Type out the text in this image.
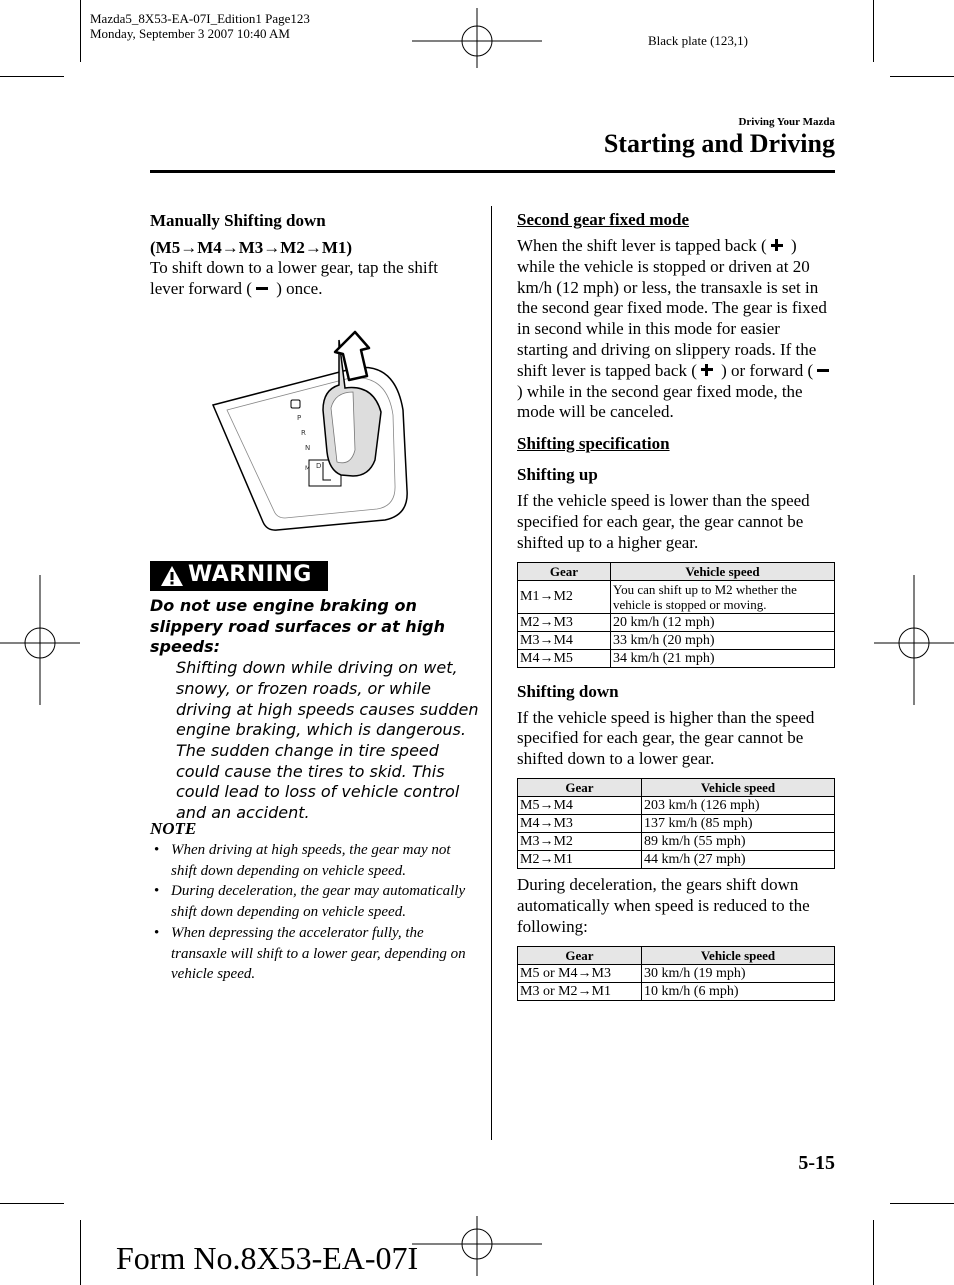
Mazda5_8X53-EA-07I_Edition1 Page123
Monday, September 3 2007 10:40 AM	Black plate (123,1)
Driving Your Mazda
Starting and Driving
Manually Shifting down
(M5→M4→M3→M2→M1)
To shift down to a lower gear, tap the shift lever forward ( ) once.
P
R
N
D
M
WARNING
Do not use engine braking on slippery road surfaces or at high speeds:
Shifting down while driving on wet, snowy, or frozen roads, or while driving at high speeds causes sudden engine braking, which is dangerous. The sudden change in tire speed could cause the tires to skid. This could lead to loss of vehicle control and an accident.
NOTE
• When driving at high speeds, the gear may not shift down depending on vehicle speed.
• During deceleration, the gear may automatically shift down depending on vehicle speed.
• When depressing the accelerator fully, the transaxle will shift to a lower gear, depending on vehicle speed.
Second gear fixed mode
When the shift lever is tapped back ( ) while the vehicle is stopped or driven at 20 km/h (12 mph) or less, the transaxle is set in the second gear fixed mode. The gear is fixed in second while in this mode for easier starting and driving on slippery roads. If the shift lever is tapped back ( ) or forward ( ) while in the second gear fixed mode, the mode will be canceled.
Shifting specification
Shifting up
If the vehicle speed is lower than the speed specified for each gear, the gear cannot be shifted up to a higher gear.
Gear	Vehicle speed
M1→M2	You can shift up to M2 whether the vehicle is stopped or moving.
M2→M3	20 km/h (12 mph)
M3→M4	33 km/h (20 mph)
M4→M5	34 km/h (21 mph)
Shifting down
If the vehicle speed is higher than the speed specified for each gear, the gear cannot be shifted down to a lower gear.
Gear	Vehicle speed
M5→M4	203 km/h (126 mph)
M4→M3	137 km/h (85 mph)
M3→M2	89 km/h (55 mph)
M2→M1	44 km/h (27 mph)
During deceleration, the gears shift down automatically when speed is reduced to the following:
Gear	Vehicle speed
M5 or M4→M3	30 km/h (19 mph)
M3 or M2→M1	10 km/h (6 mph)
5-15
Form No.8X53-EA-07I
